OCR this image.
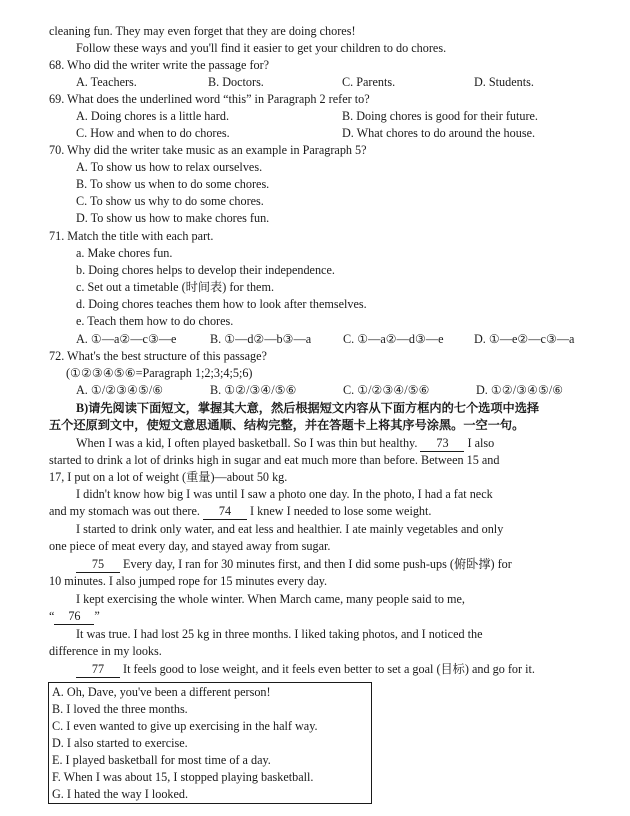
cleaning fun. They may even forget that they are doing chores!
Follow these ways and you'll find it easier to get your children to do chores.
68. Who did the writer write the passage for?
A. Teachers.	B. Doctors.	C. Parents.	D. Students.
69. What does the underlined word “this” in Paragraph 2 refer to?
A. Doing chores is a little hard.	B. Doing chores is good for their future.
C. How and when to do chores.	D. What chores to do around the house.
70. Why did the writer take music as an example in Paragraph 5?
A. To show us how to relax ourselves.
B. To show us when to do some chores.
C. To show us why to do some chores.
D. To show us how to make chores fun.
71. Match the title with each part.
a. Make chores fun.
b. Doing chores helps to develop their independence.
c. Set out a timetable (时间表) for them.
d. Doing chores teaches them how to look after themselves.
e. Teach them how to do chores.
A. ①—a②—c③—e	B. ①—d②—b③—a	C. ①—a②—d③—e	D. ①—e②—c③—a
72. What's the best structure of this passage?
(①②③④⑤⑥=Paragraph 1;2;3;4;5;6)
A. ①/②③④⑤/⑥	B. ①②/③④/⑤⑥	C. ①/②③④/⑤⑥	D. ①②/③④⑤/⑥
B)请先阅读下面短文，掌握其大意，然后根据短文内容从下面方框内的七个选项中选择
五个还原到文中，使短文意思通顺、结构完整，并在答题卡上将其序号涂黑。一空一句。
When I was a kid, I often played basketball. So I was thin but healthy. 73 I also
started to drink a lot of drinks high in sugar and eat much more than before. Between 15 and
17, I put on a lot of weight (重量)—about 50 kg.
I didn't know how big I was until I saw a photo one day. In the photo, I had a fat neck
and my stomach was out there. 74 I knew I needed to lose some weight.
I started to drink only water, and eat less and healthier. I ate mainly vegetables and only
one piece of meat every day, and stayed away from sugar.
75 Every day, I ran for 30 minutes first, and then I did some push-ups (俯卧撑) for
10 minutes. I also jumped rope for 15 minutes every day.
I kept exercising the whole winter. When March came, many people said to me,
“ 76 ”
It was true. I had lost 25 kg in three months. I liked taking photos, and I noticed the
difference in my looks.
77 It feels good to lose weight, and it feels even better to set a goal (目标) and go for it.
A. Oh, Dave, you've been a different person!
B. I loved the three months.
C. I even wanted to give up exercising in the half way.
D. I also started to exercise.
E. I played basketball for most time of a day.
F. When I was about 15, I stopped playing basketball.
G. I hated the way I looked.
